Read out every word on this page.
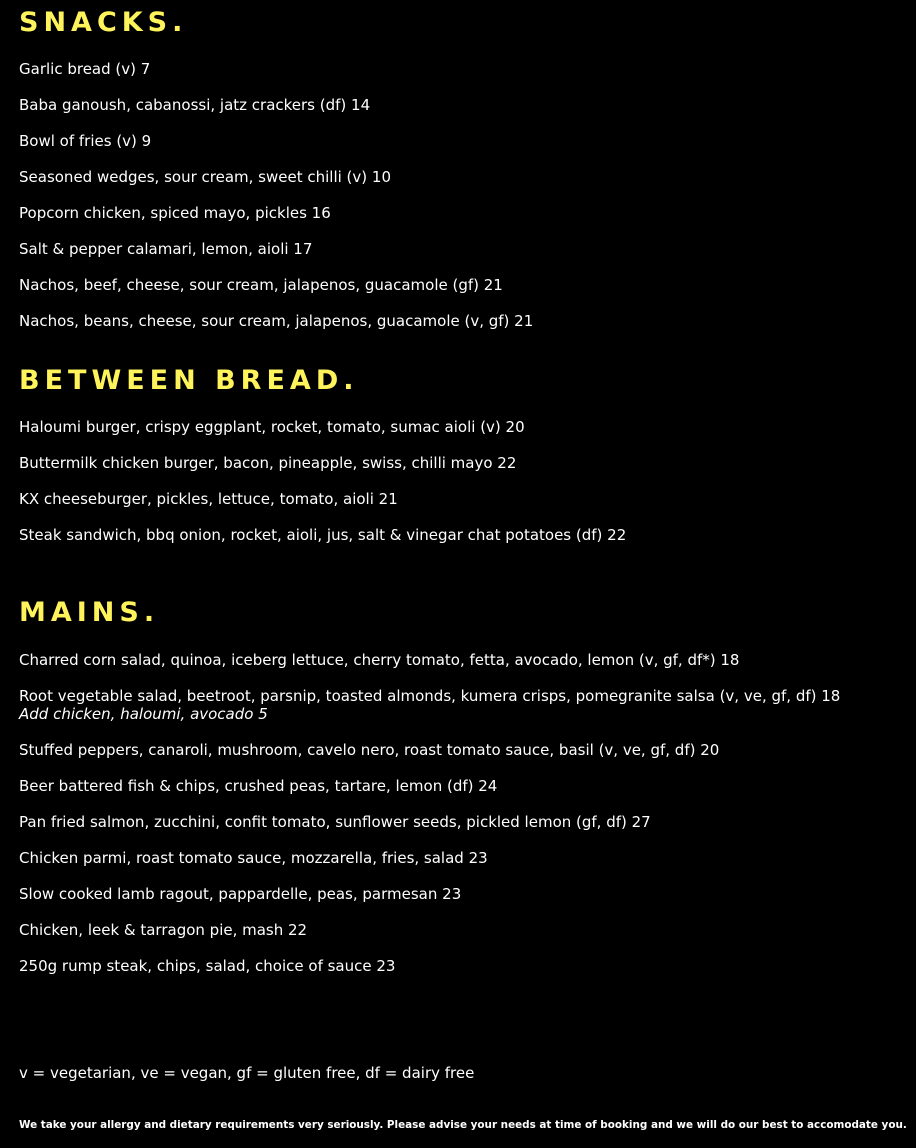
SNACKS.
Garlic bread (v) 7
Baba ganoush, cabanossi, jatz crackers (df) 14
Bowl of fries (v) 9
Seasoned wedges, sour cream, sweet chilli (v) 10
Popcorn chicken, spiced mayo, pickles 16
Salt & pepper calamari, lemon, aioli 17
Nachos, beef, cheese, sour cream, jalapenos, guacamole (gf) 21
Nachos, beans, cheese, sour cream, jalapenos, guacamole (v, gf) 21
BETWEEN BREAD.
Haloumi burger, crispy eggplant, rocket, tomato, sumac aioli (v) 20
Buttermilk chicken burger, bacon, pineapple, swiss, chilli mayo 22
KX cheeseburger, pickles, lettuce, tomato, aioli 21
Steak sandwich, bbq onion, rocket, aioli, jus, salt & vinegar chat potatoes (df) 22
MAINS.
Charred corn salad, quinoa, iceberg lettuce, cherry tomato, fetta, avocado, lemon (v, gf, df*) 18
Root vegetable salad, beetroot, parsnip, toasted almonds, kumera crisps, pomegranite salsa (v, ve, gf, df) 18
Add chicken, haloumi, avocado 5
Stuffed peppers, canaroli, mushroom, cavelo nero, roast tomato sauce, basil (v, ve, gf, df) 20
Beer battered fish & chips, crushed peas, tartare, lemon (df) 24
Pan fried salmon, zucchini, confit tomato, sunflower seeds, pickled lemon (gf, df) 27
Chicken parmi, roast tomato sauce, mozzarella, fries, salad 23
Slow cooked lamb ragout, pappardelle, peas, parmesan 23
Chicken, leek & tarragon pie, mash 22
250g rump steak, chips, salad, choice of sauce 23
v = vegetarian, ve = vegan, gf = gluten free, df = dairy free
We take your allergy and dietary requirements very seriously. Please advise your needs at time of booking and we will do our best to accomodate you.
